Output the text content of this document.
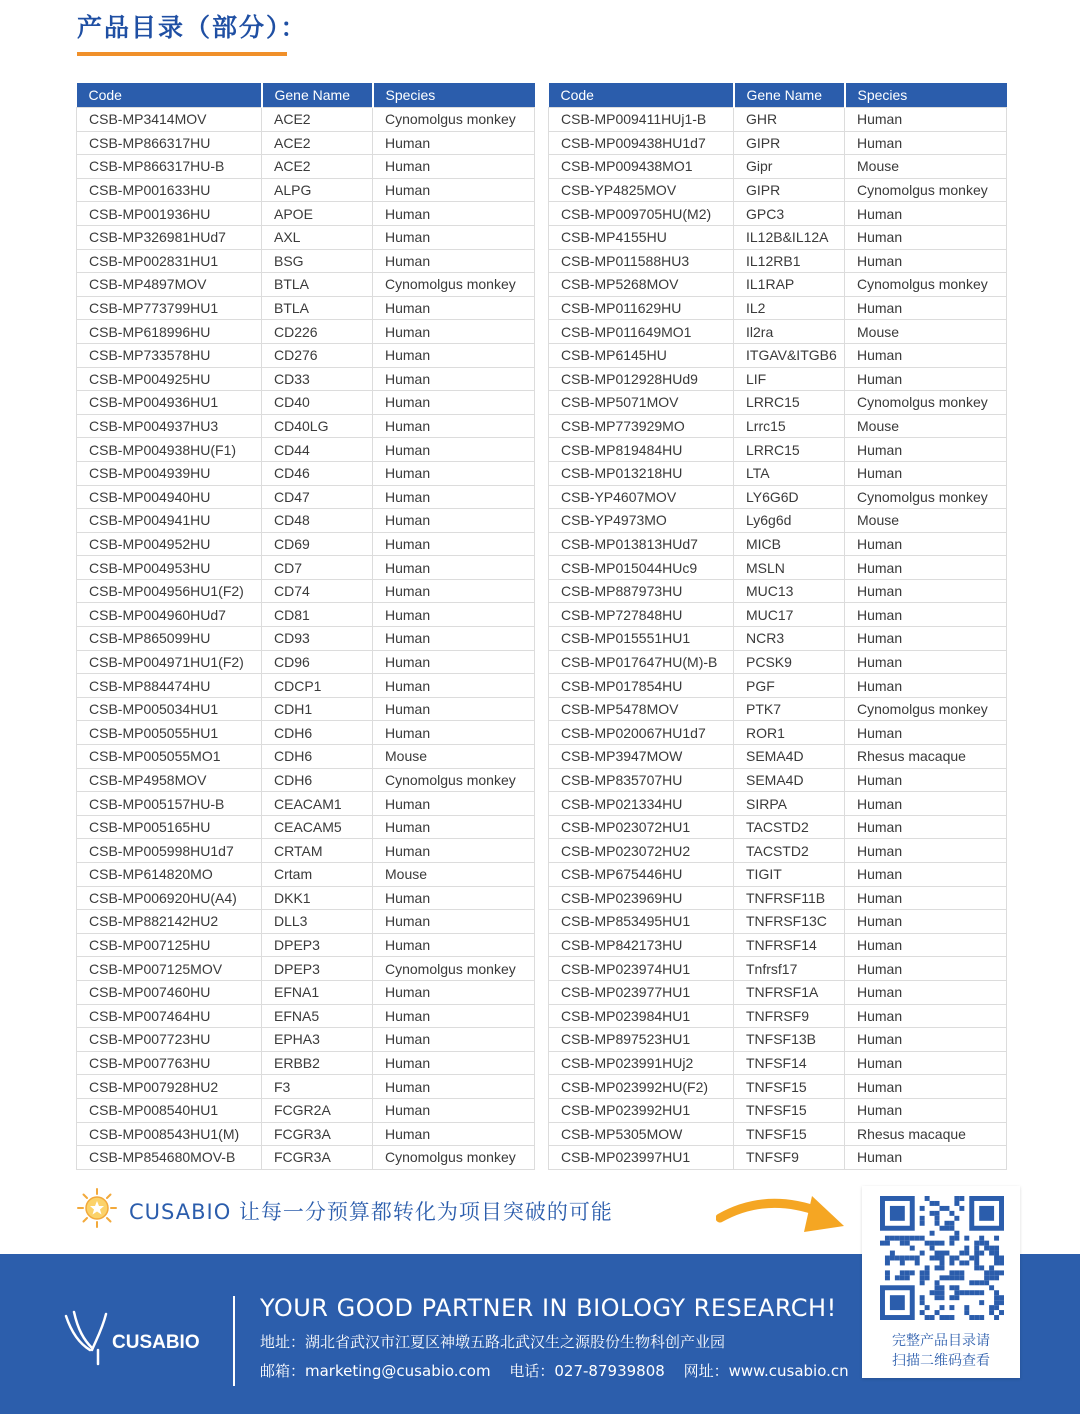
产品目录（部分）：
Code	Gene Name	Species
CSB-MP3414MOV	ACE2	Cynomolgus monkey
CSB-MP866317HU	ACE2	Human
CSB-MP866317HU-B	ACE2	Human
CSB-MP001633HU	ALPG	Human
CSB-MP001936HU	APOE	Human
CSB-MP326981HUd7	AXL	Human
CSB-MP002831HU1	BSG	Human
CSB-MP4897MOV	BTLA	Cynomolgus monkey
CSB-MP773799HU1	BTLA	Human
CSB-MP618996HU	CD226	Human
CSB-MP733578HU	CD276	Human
CSB-MP004925HU	CD33	Human
CSB-MP004936HU1	CD40	Human
CSB-MP004937HU3	CD40LG	Human
CSB-MP004938HU(F1)	CD44	Human
CSB-MP004939HU	CD46	Human
CSB-MP004940HU	CD47	Human
CSB-MP004941HU	CD48	Human
CSB-MP004952HU	CD69	Human
CSB-MP004953HU	CD7	Human
CSB-MP004956HU1(F2)	CD74	Human
CSB-MP004960HUd7	CD81	Human
CSB-MP865099HU	CD93	Human
CSB-MP004971HU1(F2)	CD96	Human
CSB-MP884474HU	CDCP1	Human
CSB-MP005034HU1	CDH1	Human
CSB-MP005055HU1	CDH6	Human
CSB-MP005055MO1	CDH6	Mouse
CSB-MP4958MOV	CDH6	Cynomolgus monkey
CSB-MP005157HU-B	CEACAM1	Human
CSB-MP005165HU	CEACAM5	Human
CSB-MP005998HU1d7	CRTAM	Human
CSB-MP614820MO	Crtam	Mouse
CSB-MP006920HU(A4)	DKK1	Human
CSB-MP882142HU2	DLL3	Human
CSB-MP007125HU	DPEP3	Human
CSB-MP007125MOV	DPEP3	Cynomolgus monkey
CSB-MP007460HU	EFNA1	Human
CSB-MP007464HU	EFNA5	Human
CSB-MP007723HU	EPHA3	Human
CSB-MP007763HU	ERBB2	Human
CSB-MP007928HU2	F3	Human
CSB-MP008540HU1	FCGR2A	Human
CSB-MP008543HU1(M)	FCGR3A	Human
CSB-MP854680MOV-B	FCGR3A	Cynomolgus monkey
Code	Gene Name	Species
CSB-MP009411HUj1-B	GHR	Human
CSB-MP009438HU1d7	GIPR	Human
CSB-MP009438MO1	Gipr	Mouse
CSB-YP4825MOV	GIPR	Cynomolgus monkey
CSB-MP009705HU(M2)	GPC3	Human
CSB-MP4155HU	IL12B&IL12A	Human
CSB-MP011588HU3	IL12RB1	Human
CSB-MP5268MOV	IL1RAP	Cynomolgus monkey
CSB-MP011629HU	IL2	Human
CSB-MP011649MO1	Il2ra	Mouse
CSB-MP6145HU	ITGAV&ITGB6	Human
CSB-MP012928HUd9	LIF	Human
CSB-MP5071MOV	LRRC15	Cynomolgus monkey
CSB-MP773929MO	Lrrc15	Mouse
CSB-MP819484HU	LRRC15	Human
CSB-MP013218HU	LTA	Human
CSB-YP4607MOV	LY6G6D	Cynomolgus monkey
CSB-YP4973MO	Ly6g6d	Mouse
CSB-MP013813HUd7	MICB	Human
CSB-MP015044HUc9	MSLN	Human
CSB-MP887973HU	MUC13	Human
CSB-MP727848HU	MUC17	Human
CSB-MP015551HU1	NCR3	Human
CSB-MP017647HU(M)-B	PCSK9	Human
CSB-MP017854HU	PGF	Human
CSB-MP5478MOV	PTK7	Cynomolgus monkey
CSB-MP020067HU1d7	ROR1	Human
CSB-MP3947MOW	SEMA4D	Rhesus macaque
CSB-MP835707HU	SEMA4D	Human
CSB-MP021334HU	SIRPA	Human
CSB-MP023072HU1	TACSTD2	Human
CSB-MP023072HU2	TACSTD2	Human
CSB-MP675446HU	TIGIT	Human
CSB-MP023969HU	TNFRSF11B	Human
CSB-MP853495HU1	TNFRSF13C	Human
CSB-MP842173HU	TNFRSF14	Human
CSB-MP023974HU1	Tnfrsf17	Human
CSB-MP023977HU1	TNFRSF1A	Human
CSB-MP023984HU1	TNFRSF9	Human
CSB-MP897523HU1	TNFSF13B	Human
CSB-MP023991HUj2	TNFSF14	Human
CSB-MP023992HU(F2)	TNFSF15	Human
CSB-MP023992HU1	TNFSF15	Human
CSB-MP5305MOW	TNFSF15	Rhesus macaque
CSB-MP023997HU1	TNFSF9	Human
CUSABIO 让每一分预算都转化为项目突破的可能
CUSABIO
YOUR GOOD PARTNER IN BIOLOGY RESEARCH!
地址：湖北省武汉市江夏区神墩五路北武汉生之源股份生物科创产业园
邮箱：marketing@cusabio.com 电话：027-87939808 网址：www.cusabio.cn
完整产品目录请
扫描二维码查看
